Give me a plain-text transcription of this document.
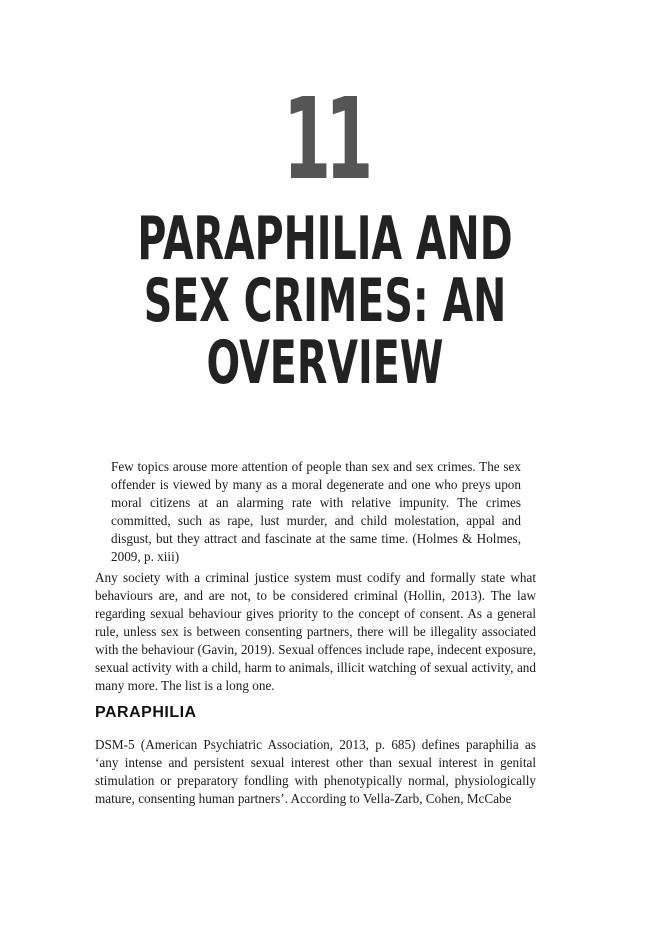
11
PARAPHILIA AND
SEX CRIMES: AN
OVERVIEW

Few topics arouse more attention of people than sex and sex crimes. The sex offender is viewed by many as a moral degenerate and one who preys upon moral citizens at an alarming rate with relative impunity. The crimes committed, such as rape, lust murder, and child molestation, appal and disgust, but they attract and fascinate at the same time. (Holmes & Holmes, 2009, p. xiii)

Any society with a criminal justice system must codify and formally state what behaviours are, and are not, to be considered criminal (Hollin, 2013). The law regarding sexual behaviour gives priority to the concept of consent. As a general rule, unless sex is between consenting partners, there will be illegality associated with the behaviour (Gavin, 2019). Sexual offences include rape, indecent exposure, sexual activity with a child, harm to animals, illicit watching of sexual activity, and many more. The list is a long one.

PARAPHILIA

DSM-5 (American Psychiatric Association, 2013, p. 685) defines paraphilia as ‘any intense and persistent sexual interest other than sexual interest in genital stimulation or preparatory fondling with phenotypically normal, physiologically mature, consenting human partners’. According to Vella-Zarb, Cohen, McCabe
